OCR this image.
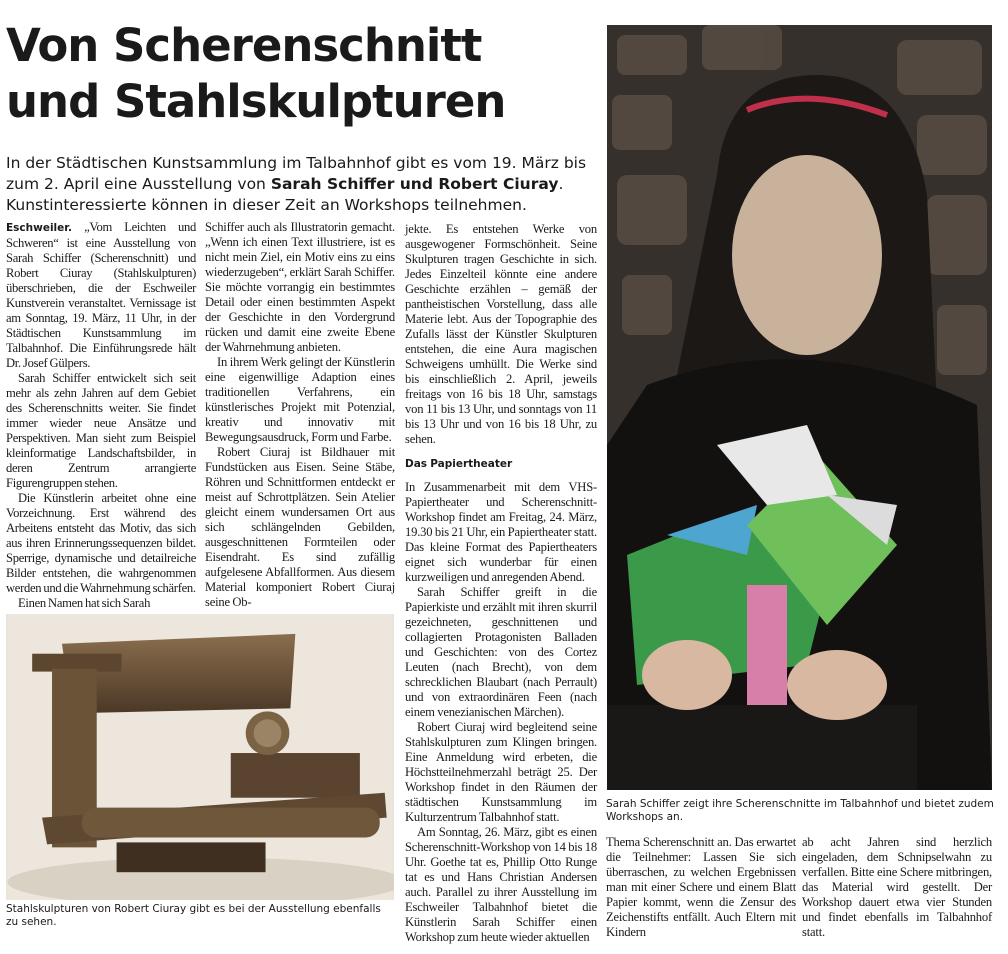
Von Scherenschnitt
und Stahlskulpturen

In der Städtischen Kunstsammlung im Talbahnhof gibt es vom 19. März bis zum 2. April eine Ausstellung von Sarah Schiffer und Robert Ciuray. Kunstinteressierte können in dieser Zeit an Workshops teilnehmen.

Eschweiler. „Vom Leichten und Schweren“ ist eine Ausstellung von Sarah Schiffer (Scherenschnitt) und Robert Ciuray (Stahlskulpturen) überschrieben, die der Eschweiler Kunstverein veranstaltet. Vernissage ist am Sonntag, 19. März, 11 Uhr, in der Städtischen Kunstsammlung im Talbahnhof. Die Einführungsrede hält Dr. Josef Gülpers.

Sarah Schiffer entwickelt sich seit mehr als zehn Jahren auf dem Gebiet des Scherenschnitts weiter. Sie findet immer wieder neue Ansätze und Perspektiven. Man sieht zum Beispiel kleinformatige Landschaftsbilder, in deren Zentrum arrangierte Figurengruppen stehen.

Die Künstlerin arbeitet ohne eine Vorzeichnung. Erst während des Arbeitens entsteht das Motiv, das sich aus ihren Erinnerungssequenzen bildet. Sperrige, dynamische und detailreiche Bilder entstehen, die wahrgenommen werden und die Wahrnehmung schärfen.

Einen Namen hat sich Sarah

Schiffer auch als Illustratorin gemacht. „Wenn ich einen Text illustriere, ist es nicht mein Ziel, ein Motiv eins zu eins wiederzugeben“, erklärt Sarah Schiffer. Sie möchte vorrangig ein bestimmtes Detail oder einen bestimmten Aspekt der Geschichte in den Vordergrund rücken und damit eine zweite Ebene der Wahrnehmung anbieten.

In ihrem Werk gelingt der Künstlerin eine eigenwillige Adaption eines traditionellen Verfahrens, ein künstlerisches Projekt mit Potenzial, kreativ und innovativ mit Bewegungsausdruck, Form und Farbe.

Robert Ciuraj ist Bildhauer mit Fundstücken aus Eisen. Seine Stäbe, Röhren und Schnittformen entdeckt er meist auf Schrottplätzen. Sein Atelier gleicht einem wundersamen Ort aus sich schlängelnden Gebilden, ausgeschnittenen Formteilen oder Eisendraht. Es sind zufällig aufgelesene Abfallformen. Aus diesem Material komponiert Robert Ciuraj seine Ob-

jekte. Es entstehen Werke von ausgewogener Formschönheit. Seine Skulpturen tragen Geschichte in sich. Jedes Einzelteil könnte eine andere Geschichte erzählen – gemäß der pantheistischen Vorstellung, dass alle Materie lebt. Aus der Topographie des Zufalls lässt der Künstler Skulpturen entstehen, die eine Aura magischen Schweigens umhüllt. Die Werke sind bis einschließlich 2. April, jeweils freitags von 16 bis 18 Uhr, samstags von 11 bis 13 Uhr, und sonntags von 11 bis 13 Uhr und von 16 bis 18 Uhr, zu sehen.

Das Papiertheater

In Zusammenarbeit mit dem VHS-Papiertheater und Scherenschnitt-Workshop findet am Freitag, 24. März, 19.30 bis 21 Uhr, ein Papiertheater statt. Das kleine Format des Papiertheaters eignet sich wunderbar für einen kurzweiligen und anregenden Abend.

Sarah Schiffer greift in die Papierkiste und erzählt mit ihren skurril gezeichneten, geschnittenen und collagierten Protagonisten Balladen und Geschichten: von des Cortez Leuten (nach Brecht), von dem schrecklichen Blaubart (nach Perrault) und von extraordinären Feen (nach einem venezianischen Märchen).

Robert Ciuraj wird begleitend seine Stahlskulpturen zum Klingen bringen. Eine Anmeldung wird erbeten, die Höchstteilnehmerzahl beträgt 25. Der Workshop findet in den Räumen der städtischen Kunstsammlung im Kulturzentrum Talbahnhof statt.

Am Sonntag, 26. März, gibt es einen Scherenschnitt-Workshop von 14 bis 18 Uhr. Goethe tat es, Phillip Otto Runge tat es und Hans Christian Andersen auch. Parallel zu ihrer Ausstellung im Eschweiler Talbahnhof bietet die Künstlerin Sarah Schiffer einen Workshop zum heute wieder aktuellen

Thema Scherenschnitt an. Das erwartet die Teilnehmer: Lassen Sie sich überraschen, zu welchen Ergebnissen man mit einer Schere und einem Blatt Papier kommt, wenn die Zensur des Zeichenstifts entfällt. Auch Eltern mit Kindern

ab acht Jahren sind herzlich eingeladen, dem Schnipselwahn zu verfallen. Bitte eine Schere mitbringen, das Material wird gestellt. Der Workshop dauert etwa vier Stunden und findet ebenfalls im Talbahnhof statt.

Stahlskulpturen von Robert Ciuray gibt es bei der Ausstellung ebenfalls zu sehen.
Sarah Schiffer zeigt ihre Scherenschnitte im Talbahnhof und bietet zudem Workshops an.
